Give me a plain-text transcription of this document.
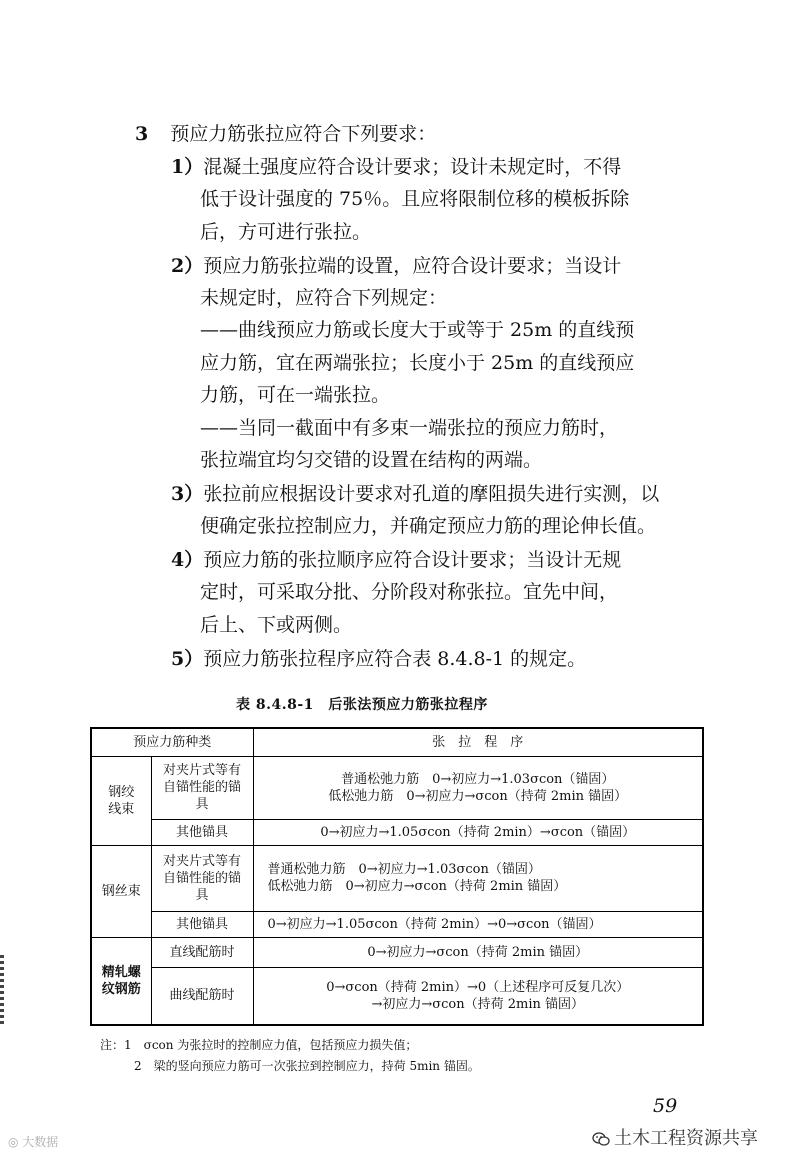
3 预应力筋张拉应符合下列要求：
1）混凝土强度应符合设计要求；设计未规定时，不得
低于设计强度的 75％。且应将限制位移的模板拆除
后，方可进行张拉。
2）预应力筋张拉端的设置，应符合设计要求；当设计
未规定时，应符合下列规定：
——曲线预应力筋或长度大于或等于 25m 的直线预
应力筋，宜在两端张拉；长度小于 25m 的直线预应
力筋，可在一端张拉。
——当同一截面中有多束一端张拉的预应力筋时，
张拉端宜均匀交错的设置在结构的两端。
3）张拉前应根据设计要求对孔道的摩阻损失进行实测，以
便确定张拉控制应力，并确定预应力筋的理论伸长值。
4）预应力筋的张拉顺序应符合设计要求；当设计无规
定时，可采取分批、分阶段对称张拉。宜先中间，
后上、下或两侧。
5）预应力筋张拉程序应符合表 8.4.8-1 的规定。
表 8.4.8-1　后张法预应力筋张拉程序
预应力筋种类		张　拉　程　序

钢绞线束	对夹片式等有自锚性能的锚具	普通松弛力筋　0→初应力→1.03σcon（锚固）
低松弛力筋　0→初应力→σcon（持荷 2min 锚固）

	其他锚具	0→初应力→1.05σcon（持荷 2min）→σcon（锚固）

钢丝束	对夹片式等有自锚性能的锚具	普通松弛力筋　0→初应力→1.03σcon（锚固）
低松弛力筋　0→初应力→σcon（持荷 2min 锚固）

	其他锚具	0→初应力→1.05σcon（持荷 2min）→0→σcon（锚固）

精轧螺纹钢筋	直线配筋时	0→初应力→σcon（持荷 2min 锚固）

	曲线配筋时	0→σcon（持荷 2min）→0（上述程序可反复几次）
→初应力→σcon（持荷 2min 锚固）
注：1　σcon 为张拉时的控制应力值，包括预应力损失值；
2　梁的竖向预应力筋可一次张拉到控制应力，持荷 5min 锚固。
59
◎ 大数据	土木工程资源共享
